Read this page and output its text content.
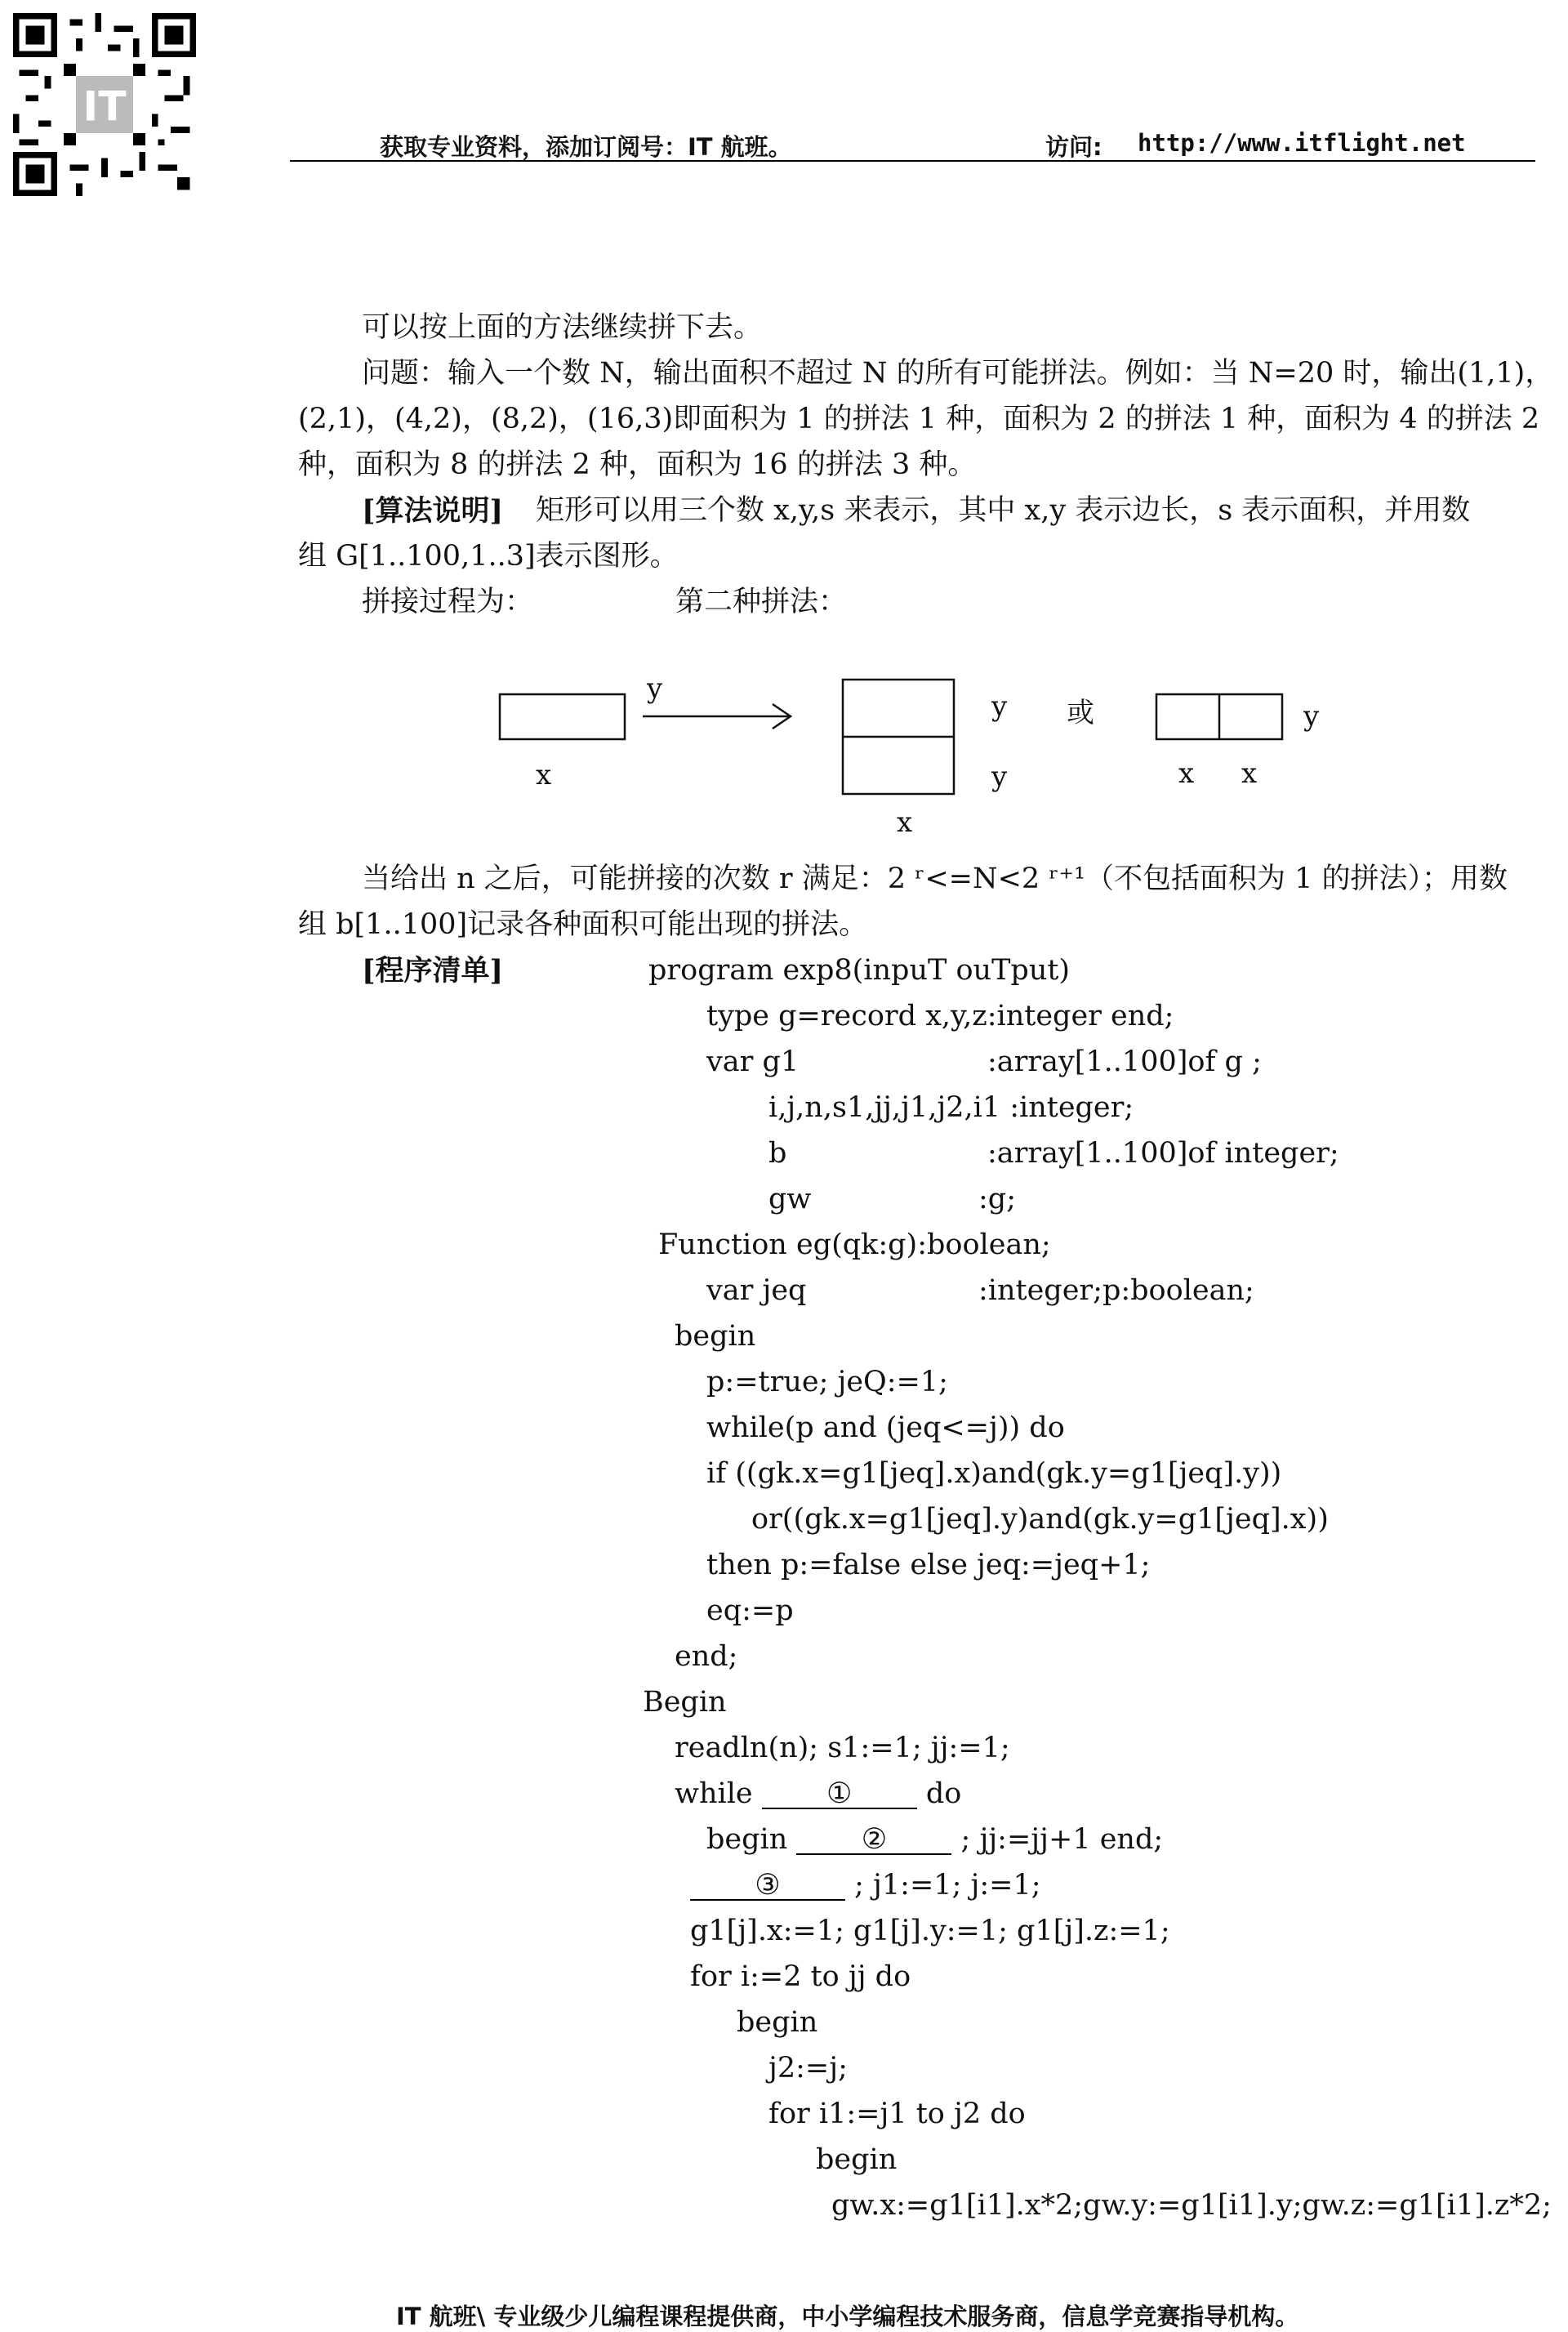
IT
获取专业资料，添加订阅号：IT 航班。	访问: http://www.itflight.net
可以按上面的方法继续拼下去。
问题：输入一个数 N，输出面积不超过 N 的所有可能拼法。例如：当 N=20 时，输出(1,1)，
(2,1)，(4,2)，(8,2)，(16,3)即面积为 1 的拼法 1 种，面积为 2 的拼法 1 种，面积为 4 的拼法 2
种，面积为 8 的拼法 2 种，面积为 16 的拼法 3 种。
[算法说明] 矩形可以用三个数 x,y,s 来表示，其中 x,y 表示边长，s 表示面积，并用数
组 G[1..100,1..3]表示图形。
拼接过程为：	第二种拼法：
y
x
y
y
x
或
x x
y
当给出 n 之后，可能拼接的次数 r 满足：2 ʳ<=N<2 ʳ⁺¹（不包括面积为 1 的拼法）；用数
组 b[1..100]记录各种面积可能出现的拼法。
[程序清单]	program exp8(inpuT ouTput)
type g=record x,y,z:integer end;
var g1	:array[1..100]of g ;
i,j,n,s1,jj,j1,j2,i1 :integer;
b	:array[1..100]of integer;
gw	:g;
Function eg(qk:g):boolean;
var jeq	:integer;p:boolean;
begin
p:=true; jeQ:=1;
while(p and (jeq<=j)) do
if ((gk.x=g1[jeq].x)and(gk.y=g1[jeq].y))
or((gk.x=g1[jeq].y)and(gk.y=g1[jeq].x))
then p:=false else jeq:=jeq+1;
eq:=p
end;
Begin
readln(n); s1:=1; jj:=1;
while	①	do
begin	②	; jj:=jj+1 end;
③	; j1:=1; j:=1;
g1[j].x:=1; g1[j].y:=1; g1[j].z:=1;
for i:=2 to jj do
begin
j2:=j;
for i1:=j1 to j2 do
begin
gw.x:=g1[i1].x*2;gw.y:=g1[i1].y;gw.z:=g1[i1].z*2;
IT 航班\ 专业级少儿编程课程提供商，中小学编程技术服务商，信息学竞赛指导机构。
